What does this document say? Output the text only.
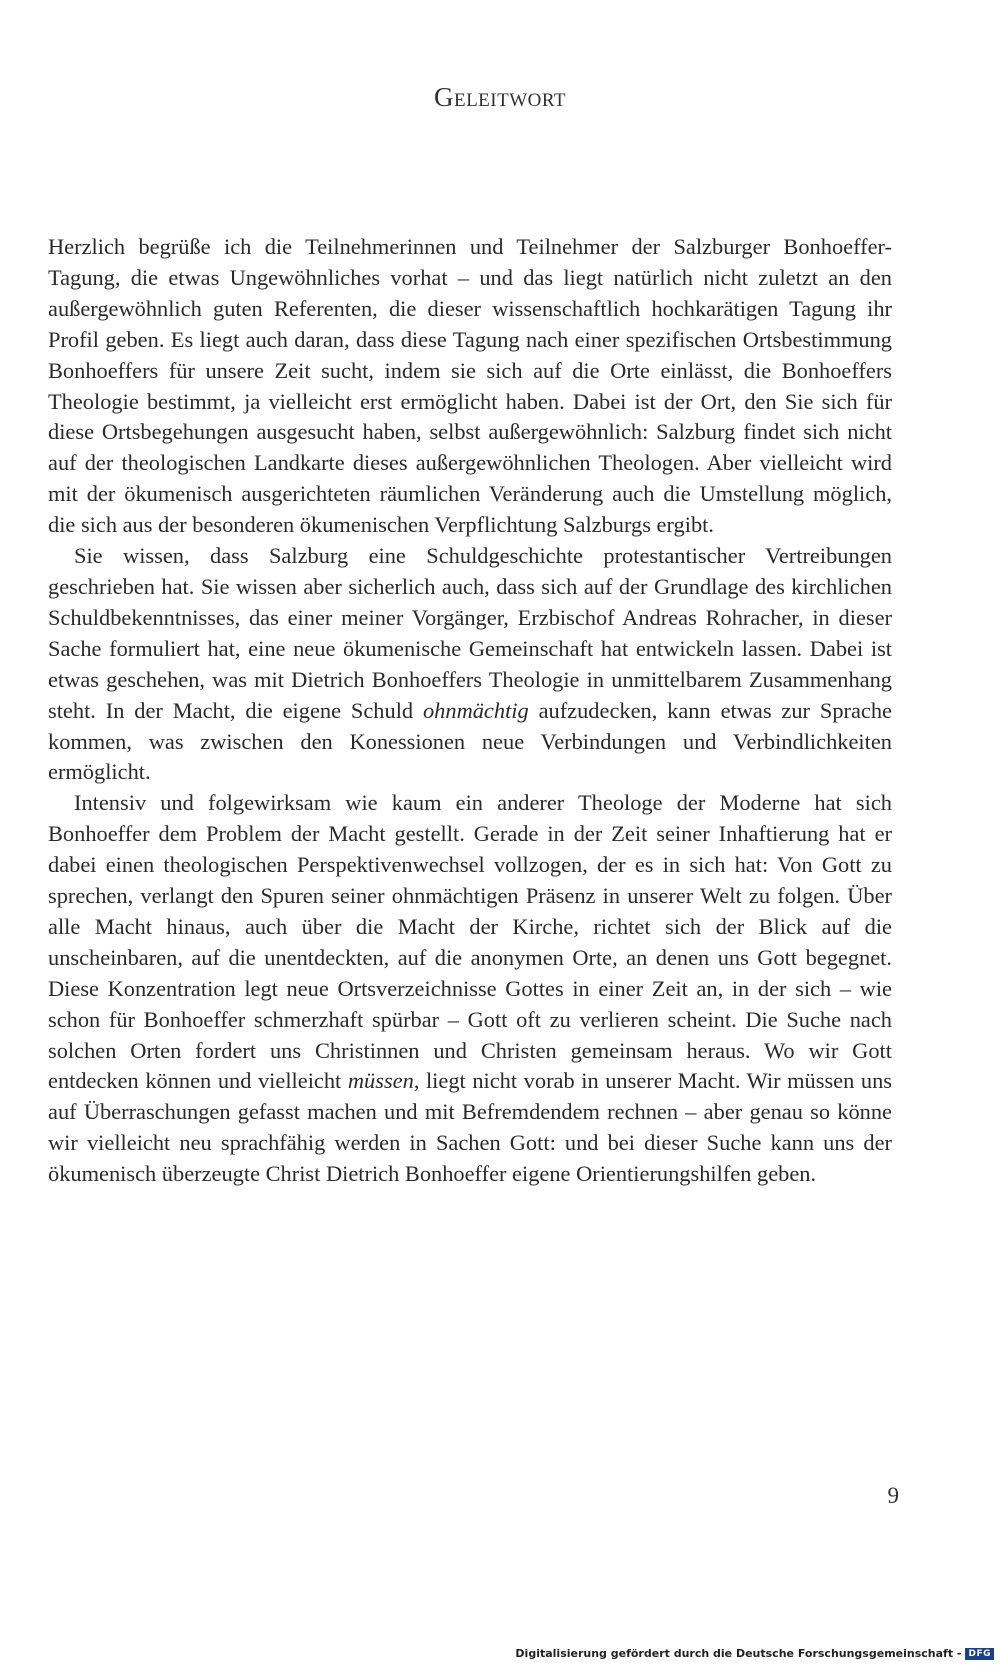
Geleitwort

Herzlich begrüße ich die Teilnehmerinnen und Teilnehmer der Salzburger Bonhoeffer-Tagung, die etwas Ungewöhnliches vorhat – und das liegt natürlich nicht zuletzt an den außergewöhnlich guten Referenten, die dieser wissenschaftlich hochkarätigen Tagung ihr Profil geben. Es liegt auch daran, dass diese Tagung nach einer spezifischen Ortsbestimmung Bonhoeffers für unsere Zeit sucht, indem sie sich auf die Orte einlässt, die Bonhoeffers Theologie bestimmt, ja vielleicht erst ermöglicht haben. Dabei ist der Ort, den Sie sich für diese Ortsbegehungen ausgesucht haben, selbst außergewöhnlich: Salzburg findet sich nicht auf der theologischen Landkarte dieses außergewöhnlichen Theologen. Aber vielleicht wird mit der ökumenisch ausgerichteten räumlichen Veränderung auch die Umstellung möglich, die sich aus der besonderen ökumenischen Verpflichtung Salzburgs ergibt.

Sie wissen, dass Salzburg eine Schuldgeschichte protestantischer Vertreibungen geschrieben hat. Sie wissen aber sicherlich auch, dass sich auf der Grundlage des kirchlichen Schuldbekenntnisses, das einer meiner Vorgänger, Erzbischof Andreas Rohracher, in dieser Sache formuliert hat, eine neue ökumenische Gemeinschaft hat entwickeln lassen. Dabei ist etwas geschehen, was mit Dietrich Bonhoeffers Theologie in unmittelbarem Zusammenhang steht. In der Macht, die eigene Schuld ohnmächtig aufzudecken, kann etwas zur Sprache kommen, was zwischen den Konessionen neue Verbindungen und Verbindlichkeiten ermöglicht.

Intensiv und folgewirksam wie kaum ein anderer Theologe der Moderne hat sich Bonhoeffer dem Problem der Macht gestellt. Gerade in der Zeit seiner Inhaftierung hat er dabei einen theologischen Perspektivenwechsel vollzogen, der es in sich hat: Von Gott zu sprechen, verlangt den Spuren seiner ohnmächtigen Präsenz in unserer Welt zu folgen. Über alle Macht hinaus, auch über die Macht der Kirche, richtet sich der Blick auf die unscheinbaren, auf die unentdeckten, auf die anonymen Orte, an denen uns Gott begegnet. Diese Konzentration legt neue Ortsverzeichnisse Gottes in einer Zeit an, in der sich – wie schon für Bonhoeffer schmerzhaft spürbar – Gott oft zu verlieren scheint. Die Suche nach solchen Orten fordert uns Christinnen und Christen gemeinsam heraus. Wo wir Gott entdecken können und vielleicht müssen, liegt nicht vorab in unserer Macht. Wir müssen uns auf Überraschungen gefasst machen und mit Befremdendem rechnen – aber genau so könne wir vielleicht neu sprachfähig werden in Sachen Gott: und bei dieser Suche kann uns der ökumenisch überzeugte Christ Dietrich Bonhoeffer eigene Orientierungshilfen geben.

9
Digitalisierung gefördert durch die Deutsche Forschungsgemeinschaft - DFG
